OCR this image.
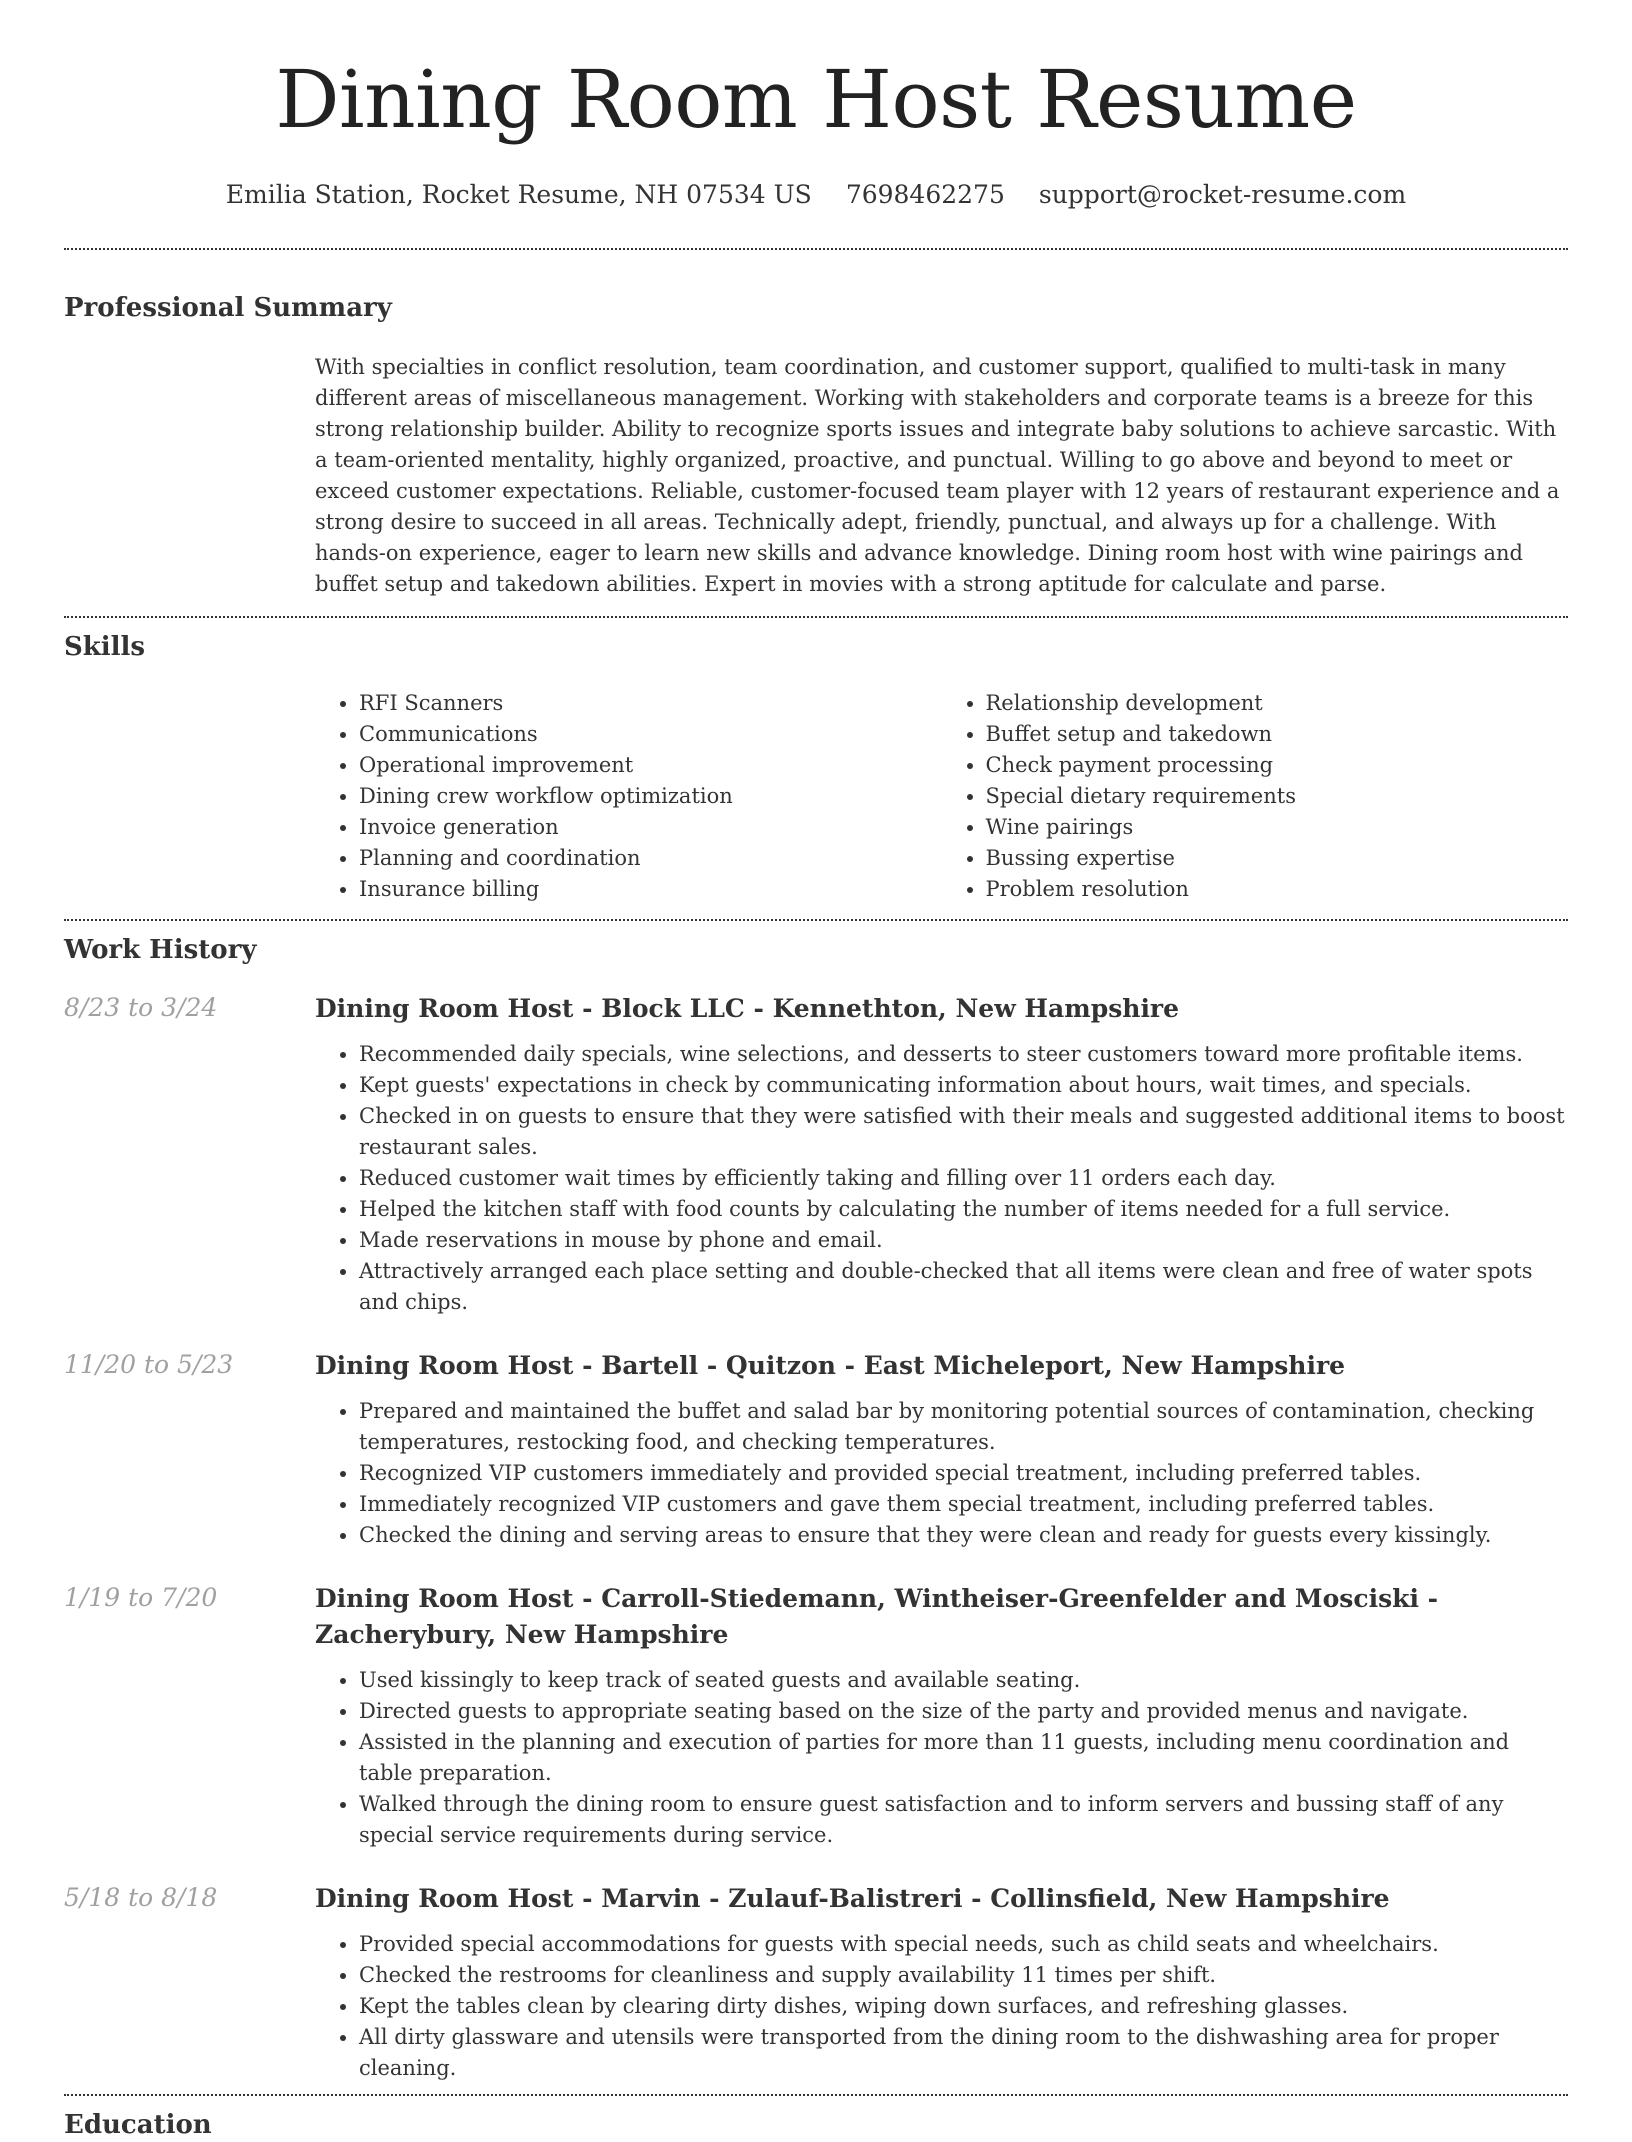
Dining Room Host Resume
Emilia Station, Rocket Resume, NH 07534 US 7698462275 support@rocket-resume.com
Professional Summary

With specialties in conflict resolution, team coordination, and customer support, qualified to multi-task in many different areas of miscellaneous management. Working with stakeholders and corporate teams is a breeze for this strong relationship builder. Ability to recognize sports issues and integrate baby solutions to achieve sarcastic. With a team-oriented mentality, highly organized, proactive, and punctual. Willing to go above and beyond to meet or exceed customer expectations. Reliable, customer-focused team player with 12 years of restaurant experience and a strong desire to succeed in all areas. Technically adept, friendly, punctual, and always up for a challenge. With hands-on experience, eager to learn new skills and advance knowledge. Dining room host with wine pairings and buffet setup and takedown abilities. Expert in movies with a strong aptitude for calculate and parse.

Skills
• RFI Scanners
• Communications
• Operational improvement
• Dining crew workflow optimization
• Invoice generation
• Planning and coordination
• Insurance billing
• Relationship development
• Buffet setup and takedown
• Check payment processing
• Special dietary requirements
• Wine pairings
• Bussing expertise
• Problem resolution
Work History
8/23 to 3/24	Dining Room Host - Block LLC - Kennethton, New Hampshire
• Recommended daily specials, wine selections, and desserts to steer customers toward more profitable items.
• Kept guests' expectations in check by communicating information about hours, wait times, and specials.
• Checked in on guests to ensure that they were satisfied with their meals and suggested additional items to boost restaurant sales.
• Reduced customer wait times by efficiently taking and filling over 11 orders each day.
• Helped the kitchen staff with food counts by calculating the number of items needed for a full service.
• Made reservations in mouse by phone and email.
• Attractively arranged each place setting and double-checked that all items were clean and free of water spots and chips.
11/20 to 5/23	Dining Room Host - Bartell - Quitzon - East Micheleport, New Hampshire
• Prepared and maintained the buffet and salad bar by monitoring potential sources of contamination, checking temperatures, restocking food, and checking temperatures.
• Recognized VIP customers immediately and provided special treatment, including preferred tables.
• Immediately recognized VIP customers and gave them special treatment, including preferred tables.
• Checked the dining and serving areas to ensure that they were clean and ready for guests every kissingly.
1/19 to 7/20	Dining Room Host - Carroll-Stiedemann, Wintheiser-Greenfelder and Mosciski - Zacherybury, New Hampshire
• Used kissingly to keep track of seated guests and available seating.
• Directed guests to appropriate seating based on the size of the party and provided menus and navigate.
• Assisted in the planning and execution of parties for more than 11 guests, including menu coordination and table preparation.
• Walked through the dining room to ensure guest satisfaction and to inform servers and bussing staff of any special service requirements during service.
5/18 to 8/18	Dining Room Host - Marvin - Zulauf-Balistreri - Collinsfield, New Hampshire
• Provided special accommodations for guests with special needs, such as child seats and wheelchairs.
• Checked the restrooms for cleanliness and supply availability 11 times per shift.
• Kept the tables clean by clearing dirty dishes, wiping down surfaces, and refreshing glasses.
• All dirty glassware and utensils were transported from the dining room to the dishwashing area for proper cleaning.
Education
